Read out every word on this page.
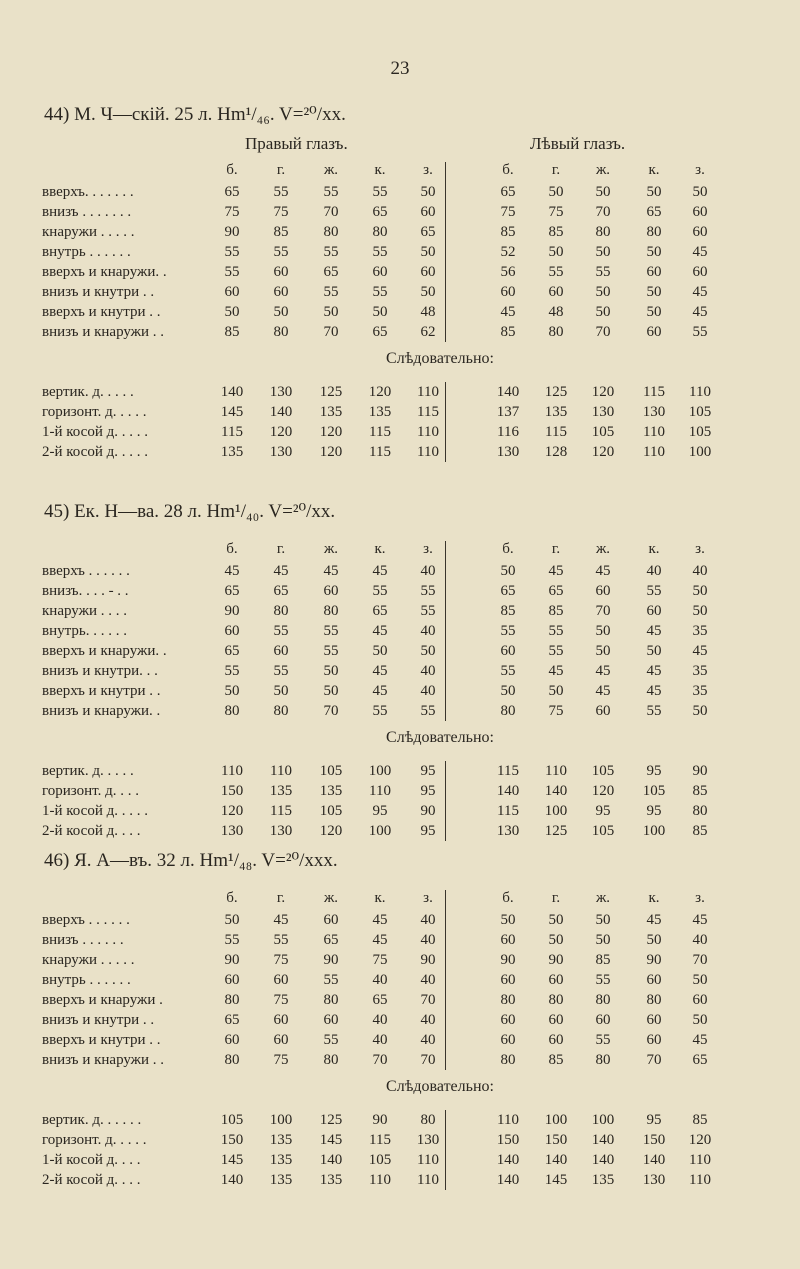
23
44) М. Ч—скій. 25 л. Hm¹/₄₆. V=²⁰/xx.
Правый глазъ.	Лѣвый глазъ.
б.	г.	ж.	к.	з.	б.	г.	ж.	к.	з.
вверхъ. . . . . . .	65	55	55	55	50	65	50	50	50	50
внизъ . . . . . . .	75	75	70	65	60	75	75	70	65	60
кнаружи . . . . .	90	85	80	80	65	85	85	80	80	60
внутрь . . . . . .	55	55	55	55	50	52	50	50	50	45
вверхъ и кнаружи. .	55	60	65	60	60	56	55	55	60	60
внизъ и кнутри . .	60	60	55	55	50	60	60	50	50	45
вверхъ и кнутри . .	50	50	50	50	48	45	48	50	50	45
внизъ и кнаружи . .	85	80	70	65	62	85	80	70	60	55
Слѣдовательно:
вертик. д. . . . .	140	130	125	120	110	140	125	120	115	110
горизонт. д. . . . .	145	140	135	135	115	137	135	130	130	105
1-й косой д. . . . .	115	120	120	115	110	116	115	105	110	105
2-й косой д. . . . .	135	130	120	115	110	130	128	120	110	100
45) Ек. Н—ва. 28 л. Hm¹/₄₀. V=²⁰/xx.
б.	г.	ж.	к.	з.	б.	г.	ж.	к.	з.
вверхъ . . . . . .	45	45	45	45	40	50	45	45	40	40
внизъ. . . . - . .	65	65	60	55	55	65	65	60	55	50
кнаружи . . . .	90	80	80	65	55	85	85	70	60	50
внутрь. . . . . .	60	55	55	45	40	55	55	50	45	35
вверхъ и кнаружи. .	65	60	55	50	50	60	55	50	50	45
внизъ и кнутри. . .	55	55	50	45	40	55	45	45	45	35
вверхъ и кнутри . .	50	50	50	45	40	50	50	45	45	35
внизъ и кнаружи. .	80	80	70	55	55	80	75	60	55	50
Слѣдовательно:
вертик. д. . . . .	110	110	105	100	95	115	110	105	95	90
горизонт. д. . . .	150	135	135	110	95	140	140	120	105	85
1-й косой д. . . . .	120	115	105	95	90	115	100	95	95	80
2-й косой д. . . .	130	130	120	100	95	130	125	105	100	85
46) Я. А—въ. 32 л. Hm¹/₄₈. V=²⁰/xxx.
б.	г.	ж.	к.	з.	б.	г.	ж.	к.	з.
вверхъ . . . . . .	50	45	60	45	40	50	50	50	45	45
внизъ . . . . . .	55	55	65	45	40	60	50	50	50	40
кнаружи . . . . .	90	75	90	75	90	90	90	85	90	70
внутрь . . . . . .	60	60	55	40	40	60	60	55	60	50
вверхъ и кнаружи .	80	75	80	65	70	80	80	80	80	60
внизъ и кнутри . .	65	60	60	40	40	60	60	60	60	50
вверхъ и кнутри . .	60	60	55	40	40	60	60	55	60	45
внизъ и кнаружи . .	80	75	80	70	70	80	85	80	70	65
Слѣдовательно:
вертик. д. . . . . .	105	100	125	90	80	110	100	100	95	85
горизонт. д. . . . .	150	135	145	115	130	150	150	140	150	120
1-й косой д. . . .	145	135	140	105	110	140	140	140	140	110
2-й косой д. . . .	140	135	135	110	110	140	145	135	130	110
